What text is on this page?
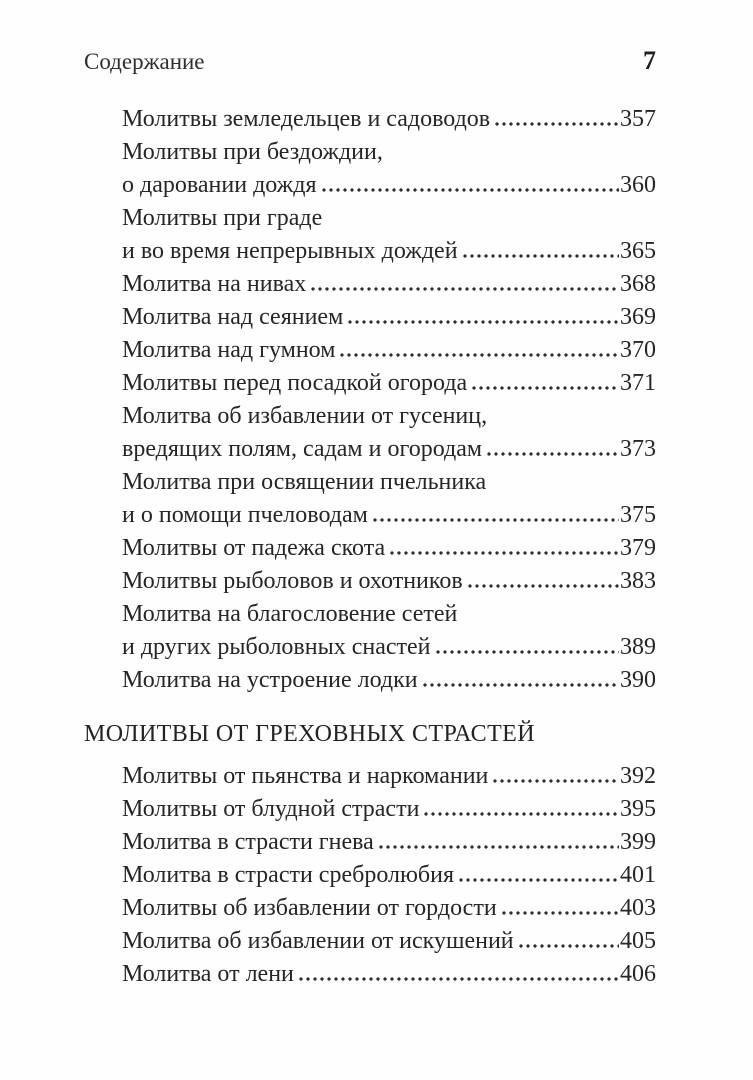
Содержание	7
Молитвы земледельцев и садоводов	357
Молитвы при бездождии,
о даровании дождя	360
Молитвы при граде
и во время непрерывных дождей	365
Молитва на нивах	368
Молитва над сеянием	369
Молитва над гумном	370
Молитвы перед посадкой огорода	371
Молитва об избавлении от гусениц,
вредящих полям, садам и огородам	373
Молитва при освящении пчельника
и о помощи пчеловодам	375
Молитвы от падежа скота	379
Молитвы рыболовов и охотников	383
Молитва на благословение сетей
и других рыболовных снастей	389
Молитва на устроение лодки	390
МОЛИТВЫ ОТ ГРЕХОВНЫХ СТРАСТЕЙ
Молитвы от пьянства и наркомании	392
Молитвы от блудной страсти	395
Молитва в страсти гнева	399
Молитва в страсти сребролюбия	401
Молитвы об избавлении от гордости	403
Молитва об избавлении от искушений	405
Молитва от лени	406
